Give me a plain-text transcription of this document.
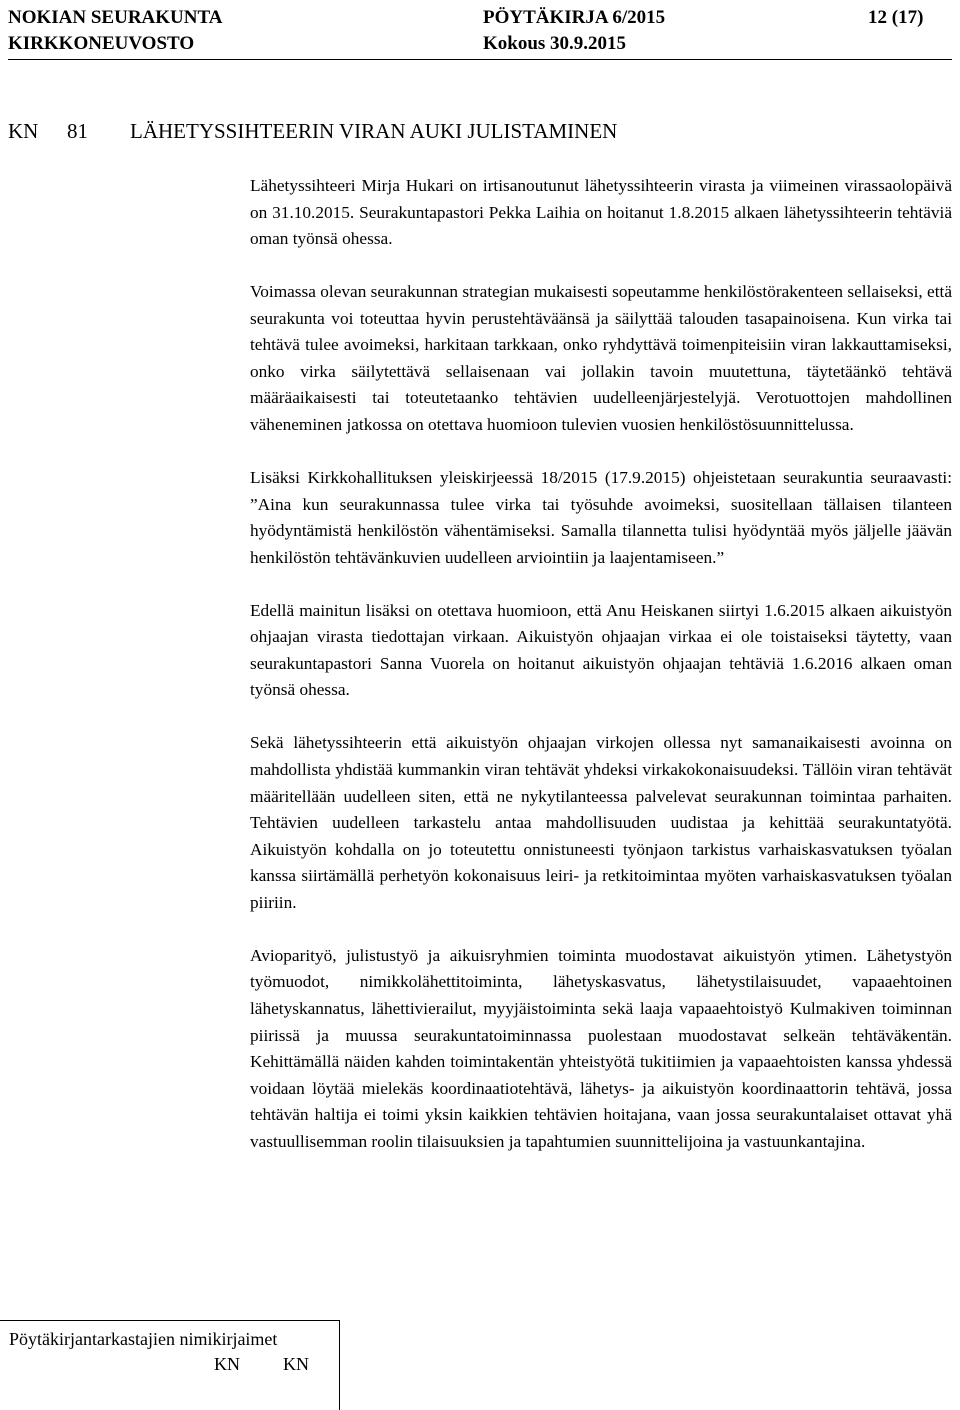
NOKIAN SEURAKUNTA
KIRKKONEUVOSTO
PÖYTÄKIRJA 6/2015
Kokous 30.9.2015
12 (17)
KN 81 LÄHETYSSIHTEERIN VIRAN AUKI JULISTAMINEN

Lähetyssihteeri Mirja Hukari on irtisanoutunut lähetyssihteerin virasta ja viimeinen virassaolopäivä on 31.10.2015. Seurakuntapastori Pekka Laihia on hoitanut 1.8.2015 alkaen lähetyssihteerin tehtäviä oman työnsä ohessa.

Voimassa olevan seurakunnan strategian mukaisesti sopeutamme henkilöstörakenteen sellaiseksi, että seurakunta voi toteuttaa hyvin perustehtäväänsä ja säilyttää talouden tasapainoisena. Kun virka tai tehtävä tulee avoimeksi, harkitaan tarkkaan, onko ryhdyttävä toimenpiteisiin viran lakkauttamiseksi, onko virka säilytettävä sellaisenaan vai jollakin tavoin muutettuna, täytetäänkö tehtävä määräaikaisesti tai toteutetaanko tehtävien uudelleenjärjestelyjä. Verotuottojen mahdollinen väheneminen jatkossa on otettava huomioon tulevien vuosien henkilöstösuunnittelussa.

Lisäksi Kirkkohallituksen yleiskirjeessä 18/2015 (17.9.2015) ohjeistetaan seurakuntia seuraavasti: ”Aina kun seurakunnassa tulee virka tai työsuhde avoimeksi, suositellaan tällaisen tilanteen hyödyntämistä henkilöstön vähentämiseksi. Samalla tilannetta tulisi hyödyntää myös jäljelle jäävän henkilöstön tehtävänkuvien uudelleen arviointiin ja laajentamiseen.”

Edellä mainitun lisäksi on otettava huomioon, että Anu Heiskanen siirtyi 1.6.2015 alkaen aikuistyön ohjaajan virasta tiedottajan virkaan. Aikuistyön ohjaajan virkaa ei ole toistaiseksi täytetty, vaan seurakuntapastori Sanna Vuorela on hoitanut aikuistyön ohjaajan tehtäviä 1.6.2016 alkaen oman työnsä ohessa.

Sekä lähetyssihteerin että aikuistyön ohjaajan virkojen ollessa nyt samanaikaisesti avoinna on mahdollista yhdistää kummankin viran tehtävät yhdeksi virkakokonaisuudeksi. Tällöin viran tehtävät määritellään uudelleen siten, että ne nykytilanteessa palvelevat seurakunnan toimintaa parhaiten. Tehtävien uudelleen tarkastelu antaa mahdollisuuden uudistaa ja kehittää seurakuntatyötä. Aikuistyön kohdalla on jo toteutettu onnistuneesti työnjaon tarkistus varhaiskasvatuksen työalan kanssa siirtämällä perhetyön kokonaisuus leiri- ja retkitoimintaa myöten varhaiskasvatuksen työalan piiriin.

Avioparityö, julistustyö ja aikuisryhmien toiminta muodostavat aikuistyön ytimen. Lähetystyön työmuodot, nimikkolähettitoiminta, lähetyskasvatus, lähetystilaisuudet, vapaaehtoinen lähetyskannatus, lähettivierailut, myyjäistoiminta sekä laaja vapaaehtoistyö Kulmakiven toiminnan piirissä ja muussa seurakuntatoiminnassa puolestaan muodostavat selkeän tehtäväkentän. Kehittämällä näiden kahden toimintakentän yhteistyötä tukitiimien ja vapaaehtoisten kanssa yhdessä voidaan löytää mielekäs koordinaatiotehtävä, lähetys- ja aikuistyön koordinaattorin tehtävä, jossa tehtävän haltija ei toimi yksin kaikkien tehtävien hoitajana, vaan jossa seurakuntalaiset ottavat yhä vastuullisemman roolin tilaisuuksien ja tapahtumien suunnittelijoina ja vastuunkantajina.

Pöytäkirjantarkastajien nimikirjaimet
KN KN
